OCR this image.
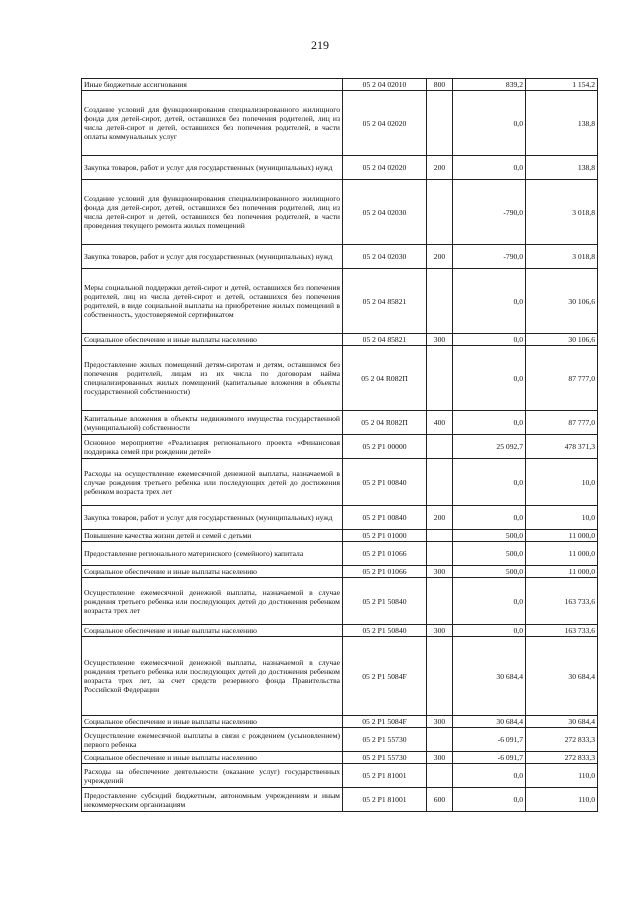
219
Иные бюджетные ассигнования	05 2 04 02010	800	839,2	1 154,2
Создание условий для функционирования специализированного жилищного фонда для детей-сирот, детей, оставшихся без попечения родителей, лиц из числа детей-сирот и детей, оставшихся без попечения родителей, в части оплаты коммунальных услуг	05 2 04 02020		0,0	138,8
Закупка товаров, работ и услуг для государственных (муниципальных) нужд	05 2 04 02020	200	0,0	138,8
Создание условий для функционирования специализированного жилищного фонда для детей-сирот, детей, оставшихся без попечения родителей, лиц из числа детей-сирот и детей, оставшихся без попечения родителей, в части проведения текущего ремонта жилых помещений	05 2 04 02030		-790,0	3 018,8
Закупка товаров, работ и услуг для государственных (муниципальных) нужд	05 2 04 02030	200	-790,0	3 018,8
Меры социальной поддержки детей-сирот и детей, оставшихся без попечения родителей, лиц из числа детей-сирот и детей, оставшихся без попечения родителей, в виде социальной выплаты на приобретение жилых помещений в собственность, удостоверяемой сертификатом	05 2 04 85821		0,0	30 106,6
Социальное обеспечение и иные выплаты населению	05 2 04 85821	300	0,0	30 106,6
Предоставление жилых помещений детям-сиротам и детям, оставшимся без попечения родителей, лицам из их числа по договорам найма специализированных жилых помещений (капитальные вложения в объекты государственной собственности)	05 2 04 R082П		0,0	87 777,0
Капитальные вложения в объекты недвижимого имущества государственной (муниципальной) собственности	05 2 04 R082П	400	0,0	87 777,0
Основное мероприятие «Реализация регионального проекта «Финансовая поддержка семей при рождении детей»	05 2 P1 00000		25 092,7	478 371,3
Расходы на осуществление ежемесячной денежной выплаты, назначаемой в случае рождения третьего ребенка или последующих детей до достижения ребенком возраста трех лет	05 2 P1 00840		0,0	10,0
Закупка товаров, работ и услуг для государственных (муниципальных) нужд	05 2 P1 00840	200	0,0	10,0
Повышение качества жизни детей и семей с детьми	05 2 P1 01000		500,0	11 000,0
Предоставление регионального материнского (семейного) капитала	05 2 P1 01066		500,0	11 000,0
Социальное обеспечение и иные выплаты населению	05 2 P1 01066	300	500,0	11 000,0
Осуществление ежемесячной денежной выплаты, назначаемой в случае рождения третьего ребенка или последующих детей до достижения ребенком возраста трех лет	05 2 P1 50840		0,0	163 733,6
Социальное обеспечение и иные выплаты населению	05 2 P1 50840	300	0,0	163 733,6
Осуществление ежемесячной денежной выплаты, назначаемой в случае рождения третьего ребенка или последующих детей до достижения ребенком возраста трех лет, за счет средств резервного фонда Правительства Российской Федерации	05 2 P1 5084F		30 684,4	30 684,4
Социальное обеспечение и иные выплаты населению	05 2 P1 5084F	300	30 684,4	30 684,4
Осуществление ежемесячной выплаты в связи с рождением (усыновлением) первого ребенка	05 2 P1 55730		-6 091,7	272 833,3
Социальное обеспечение и иные выплаты населению	05 2 P1 55730	300	-6 091,7	272 833,3
Расходы на обеспечение деятельности (оказание услуг) государственных учреждений	05 2 P1 81001		0,0	110,0
Предоставление субсидий бюджетным, автономным учреждениям и иным некоммерческим организациям	05 2 P1 81001	600	0,0	110,0
